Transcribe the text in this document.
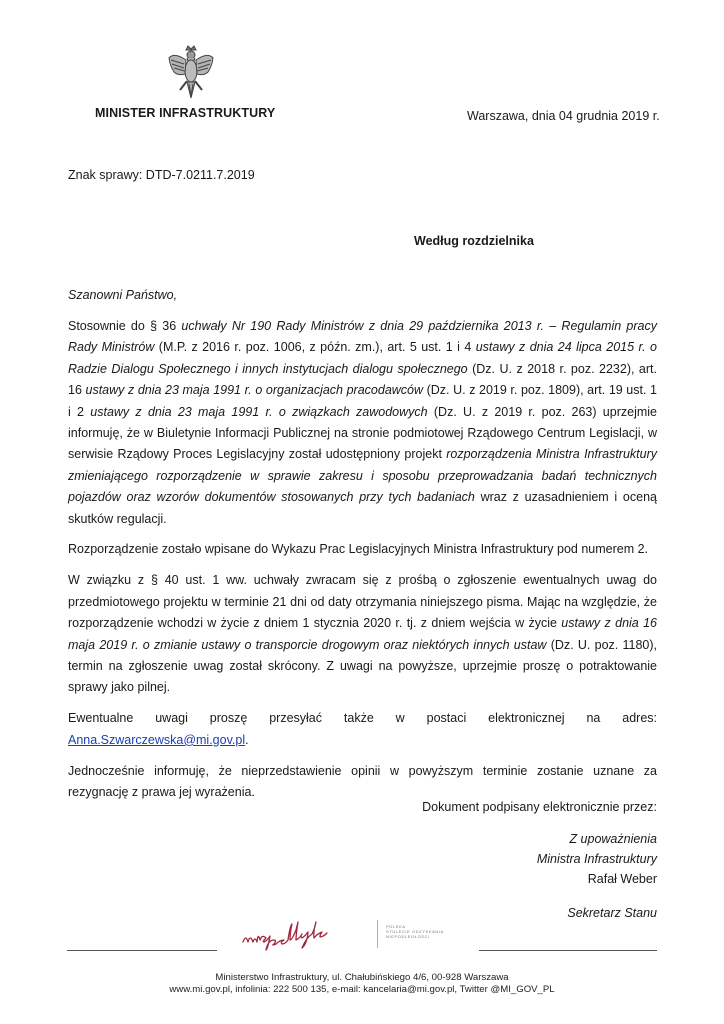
MINISTER INFRASTRUKTURY	Warszawa, dnia 04 grudnia 2019 r.
Znak sprawy: DTD-7.0211.7.2019
Według rozdzielnika

Szanowni Państwo,

Stosownie do § 36 uchwały Nr 190 Rady Ministrów z dnia 29 października 2013 r. – Regulamin pracy Rady Ministrów (M.P. z 2016 r. poz. 1006, z późn. zm.), art. 5 ust. 1 i 4 ustawy z dnia 24 lipca 2015 r. o Radzie Dialogu Społecznego i innych instytucjach dialogu społecznego (Dz. U. z 2018 r. poz. 2232), art. 16 ustawy z dnia 23 maja 1991 r. o organizacjach pracodawców (Dz. U. z 2019 r. poz. 1809), art. 19 ust. 1 i 2 ustawy z dnia 23 maja 1991 r. o związkach zawodowych (Dz. U. z 2019 r. poz. 263) uprzejmie informuję, że w Biuletynie Informacji Publicznej na stronie podmiotowej Rządowego Centrum Legislacji, w serwisie Rządowy Proces Legislacyjny został udostępniony projekt rozporządzenia Ministra Infrastruktury zmieniającego rozporządzenie w sprawie zakresu i sposobu przeprowadzania badań technicznych pojazdów oraz wzorów dokumentów stosowanych przy tych badaniach wraz z uzasadnieniem i oceną skutków regulacji.

Rozporządzenie zostało wpisane do Wykazu Prac Legislacyjnych Ministra Infrastruktury pod numerem 2.

W związku z § 40 ust. 1 ww. uchwały zwracam się z prośbą o zgłoszenie ewentualnych uwag do przedmiotowego projektu w terminie 21 dni od daty otrzymania niniejszego pisma. Mając na względzie, że rozporządzenie wchodzi w życie z dniem 1 stycznia 2020 r. tj. z dniem wejścia w życie ustawy z dnia 16 maja 2019 r. o zmianie ustawy o transporcie drogowym oraz niektórych innych ustaw (Dz. U. poz. 1180), termin na zgłoszenie uwag został skrócony. Z uwagi na powyższe, uprzejmie proszę o potraktowanie sprawy jako pilnej.

Ewentualne uwagi proszę przesyłać także w postaci elektronicznej na adres: Anna.Szwarczewska@mi.gov.pl.

Jednocześnie informuję, że nieprzedstawienie opinii w powyższym terminie zostanie uznane za rezygnację z prawa jej wyrażenia.

Dokument podpisany elektronicznie przez:
Z upoważnienia
Ministra Infrastruktury
Rafał Weber
Sekretarz Stanu
POLSKA
STULECIE ODZYSKANIA
NIEPODLEGŁOŚCI
Ministerstwo Infrastruktury, ul. Chałubińskiego 4/6, 00-928 Warszawa
www.mi.gov.pl, infolinia: 222 500 135, e-mail: kancelaria@mi.gov.pl, Twitter @MI_GOV_PL
